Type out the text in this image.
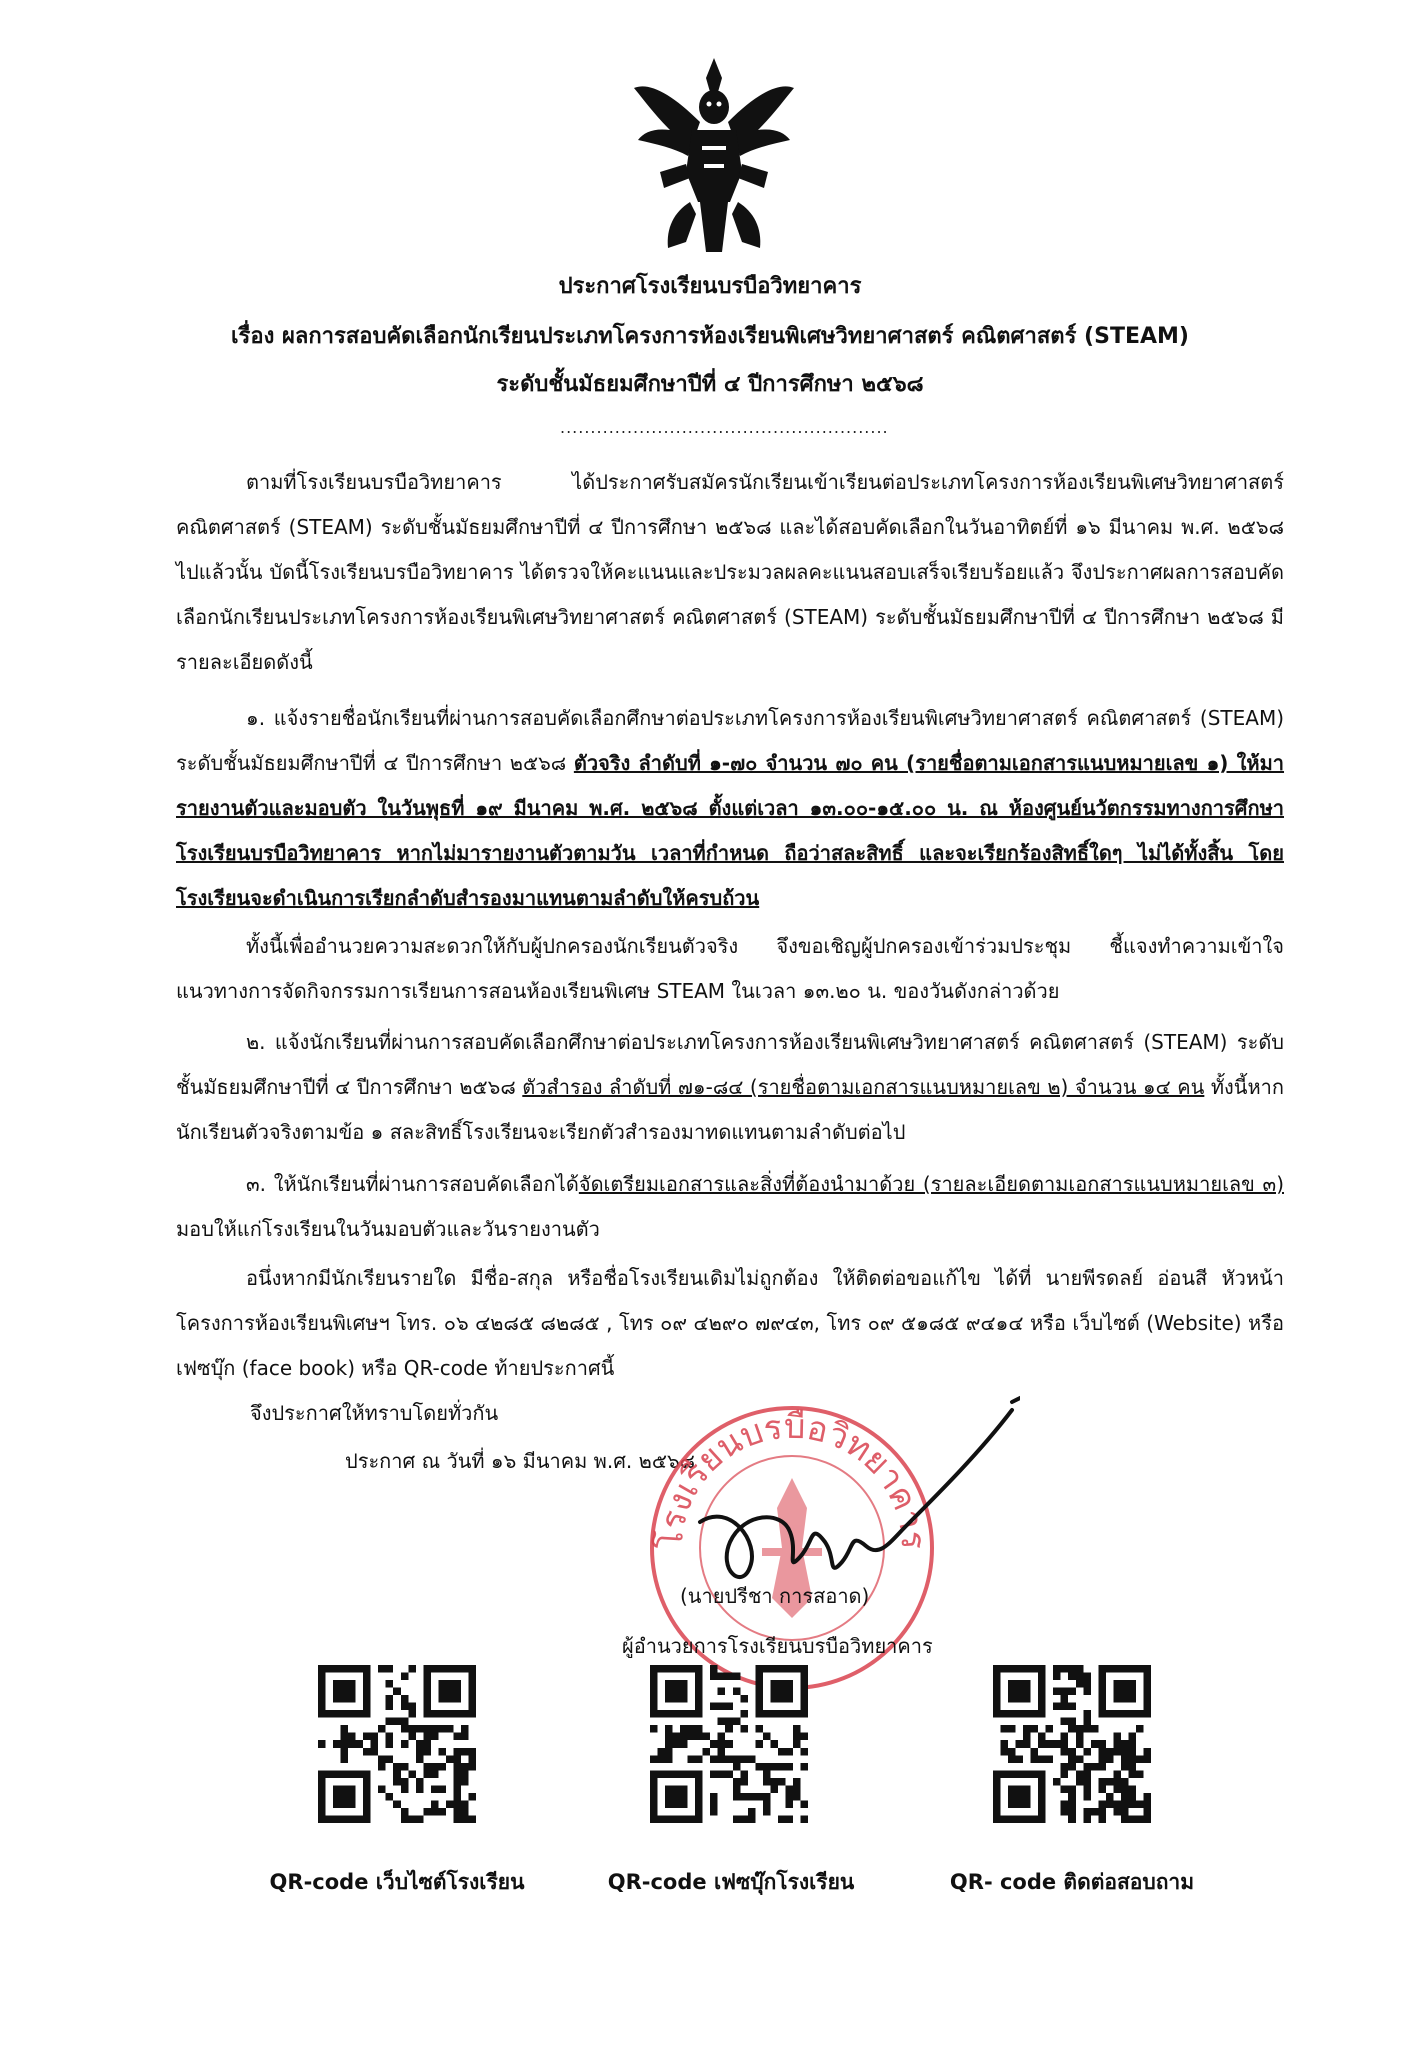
ประกาศโรงเรียนบรบือวิทยาคาร
เรื่อง ผลการสอบคัดเลือกนักเรียนประเภทโครงการห้องเรียนพิเศษวิทยาศาสตร์ คณิตศาสตร์ (STEAM)
ระดับชั้นมัธยมศึกษาปีที่ ๔ ปีการศึกษา ๒๕๖๘
......................................................
ตามที่โรงเรียนบรบือวิทยาคาร ได้ประกาศรับสมัครนักเรียนเข้าเรียนต่อประเภทโครงการห้องเรียนพิเศษวิทยาศาสตร์ คณิตศาสตร์ (STEAM) ระดับชั้นมัธยมศึกษาปีที่ ๔ ปีการศึกษา ๒๕๖๘ และได้สอบคัดเลือกในวันอาทิตย์ที่ ๑๖ มีนาคม พ.ศ. ๒๕๖๘ ไปแล้วนั้น บัดนี้โรงเรียนบรบือวิทยาคาร ได้ตรวจให้คะแนนและประมวลผลคะแนนสอบเสร็จเรียบร้อยแล้ว จึงประกาศผลการสอบคัดเลือกนักเรียนประเภทโครงการห้องเรียนพิเศษวิทยาศาสตร์ คณิตศาสตร์ (STEAM) ระดับชั้นมัธยมศึกษาปีที่ ๔ ปีการศึกษา ๒๕๖๘ มีรายละเอียดดังนี้
๑. แจ้งรายชื่อนักเรียนที่ผ่านการสอบคัดเลือกศึกษาต่อประเภทโครงการห้องเรียนพิเศษวิทยาศาสตร์ คณิตศาสตร์ (STEAM) ระดับชั้นมัธยมศึกษาปีที่ ๔ ปีการศึกษา ๒๕๖๘ ตัวจริง ลำดับที่ ๑-๗๐ จำนวน ๗๐ คน (รายชื่อตามเอกสารแนบหมายเลข ๑) ให้มารายงานตัวและมอบตัว ในวันพุธที่ ๑๙ มีนาคม พ.ศ. ๒๕๖๘ ตั้งแต่เวลา ๑๓.๐๐-๑๕.๐๐ น. ณ ห้องศูนย์นวัตกรรมทางการศึกษา โรงเรียนบรบือวิทยาคาร หากไม่มารายงานตัวตามวัน เวลาที่กำหนด ถือว่าสละสิทธิ์ และจะเรียกร้องสิทธิ์ใดๆ ไม่ได้ทั้งสิ้น โดยโรงเรียนจะดำเนินการเรียกลำดับสำรองมาแทนตามลำดับให้ครบถ้วน
ทั้งนี้เพื่ออำนวยความสะดวกให้กับผู้ปกครองนักเรียนตัวจริง จึงขอเชิญผู้ปกครองเข้าร่วมประชุม ชี้แจงทำความเข้าใจ แนวทางการจัดกิจกรรมการเรียนการสอนห้องเรียนพิเศษ STEAM ในเวลา ๑๓.๒๐ น. ของวันดังกล่าวด้วย
๒. แจ้งนักเรียนที่ผ่านการสอบคัดเลือกศึกษาต่อประเภทโครงการห้องเรียนพิเศษวิทยาศาสตร์ คณิตศาสตร์ (STEAM) ระดับชั้นมัธยมศึกษาปีที่ ๔ ปีการศึกษา ๒๕๖๘ ตัวสำรอง ลำดับที่ ๗๑-๘๔ (รายชื่อตามเอกสารแนบหมายเลข ๒) จำนวน ๑๔ คน ทั้งนี้หากนักเรียนตัวจริงตามข้อ ๑ สละสิทธิ์โรงเรียนจะเรียกตัวสำรองมาทดแทนตามลำดับต่อไป
๓. ให้นักเรียนที่ผ่านการสอบคัดเลือกได้จัดเตรียมเอกสารและสิ่งที่ต้องนำมาด้วย (รายละเอียดตามเอกสารแนบหมายเลข ๓) มอบให้แก่โรงเรียนในวันมอบตัวและวันรายงานตัว
อนึ่งหากมีนักเรียนรายใด มีชื่อ-สกุล หรือชื่อโรงเรียนเดิมไม่ถูกต้อง ให้ติดต่อขอแก้ไข ได้ที่ นายพีรดลย์ อ่อนสี หัวหน้าโครงการห้องเรียนพิเศษฯ โทร. ๐๖ ๔๒๘๕ ๘๒๘๕ , โทร ๐๙ ๔๒๙๐ ๗๙๔๓, โทร ๐๙ ๕๑๘๕ ๙๔๑๔ หรือ เว็บไซต์ (Website) หรือ เฟซบุ๊ก (face book) หรือ QR-code ท้ายประกาศนี้
จึงประกาศให้ทราบโดยทั่วกัน
ประกาศ ณ วันที่ ๑๖ มีนาคม พ.ศ. ๒๕๖๘
โรงเรียนบรบือวิทยาคาร
(นายปรีชา การสอาด)
ผู้อำนวยการโรงเรียนบรบือวิทยาคาร
QR-code เว็บไซต์โรงเรียน	QR-code เฟซบุ๊กโรงเรียน	QR- code ติดต่อสอบถาม
